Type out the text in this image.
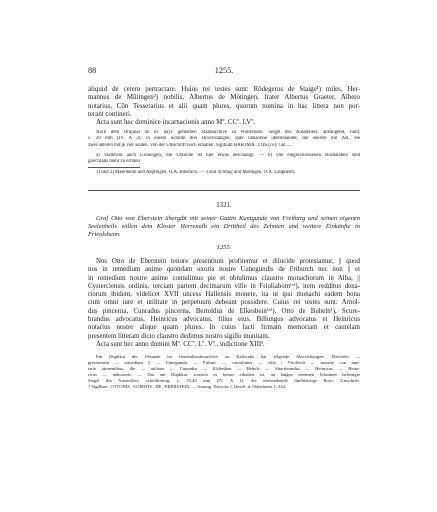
88	1255.
aliquid de cetero pertractare. Huius rei testes sunt: Rôdegerus de Staige¹) miles, Her-
mannus de Mûtingen²) nobilis, Albertus de Mötingen, frater Albertus Graeter, Albero
notarius, Côn Tesserarius et alii quam plures, quorum nomina in hac littera non por-
terant contineri.
Acta sunt hec dominice incarnacionis anno Mº. CCº. LVº.
Nach dem Original im kl. bayr. geheimen Staatsarchive zu Wallerstein. Siegel des Ausstellers, abhängend, rund,
c. 29 mm (IV. A 2): in einem Schilde drei Hirschstangen, quer linksohne übereinander, die oberste mit Ast, die
zwei unteren mit je vier Enden. Von der Umschrift noch erhalten: Sigillum HARTMA...ITIS.(co). GR......
a) Vielleicht auch Gruningen, die Urkunde ist hier etwas beschädigt. — b) Die eingeschlossenen Buchstaben sind
gleichfalls mehr zu erraten.
1) und 2) Maselheim und Aepfingen, O.A. Biberach. — 3 und 4) Staig und Mötingen, O.A. Laupheim.
1321.
Graf Otto von Eberstein übergibt mit seiner Gattin Kunigunde von Freiburg und seinen eigenen
Seelenheils willen dem Kloster Herrenalb ein Drittheil des Zehnten und weitere Einkünfte in
Frieolsheim.
1255.
Nos Otto de Eberstein tenore presentium profitemur et dilucide protestamur, || quod
nos in remedium anime quondam uxoris nostre Cunegundis de Friburch nec non || et
in remedium nostre anime contulimus pie et obtulimus claustro monachorum in Alba, ||
Cysterciensis ordinis, terciam partem decimarum ville in Frioliabom⁽ᵃ⁾), item redditus dena-
riorum ibidem, videlicet XVII uncess Hallensis monete, ita ut ipsi monachi eadem bona
cum omni iure et utilitate in perpetuum debeant possidere. Cuius rei testes sunt: Arnol-
dus pincerna, Cunradus pincerna, Bertoldus de Elkesbein⁽ᵇ⁾), Otto de Buheln¹), Scure-
brandus advocatus, Heinricus advocatus, filius eius, Billungus advocatus et Heinricus
notarius noster alique quam plures. In cuius facti firmam memoriam et cautelam
presentem litteram dicto claustro dedimus nostro sigillo munitam.
Acta sunt hec anno domini Mº. CCº. Lº. Vº., indictione XIIIª.
Ein Duplikat der Urkunde im Generallandesarchive zu Karlsruhe hat folgende Abweichungen: Eberstein —
presencium — remedium || — Cunegundis — Friburc — contulimus — ville | Vriolfsolt — monete con mar-
tario attinentibus, die — utilitate — Cunradus — Elchesken — Beholz — Shurrbrandus — Heinricus — Heinr-
ricus — indictione. — Das am Duplikat, wonach es besser erhalten ist, an langen seidenen Schnüren befestigte
Siegel des Ausstellers, schildförmig, c. 55,40 mm (IV. A 1): die obenstehende fünfblättrige Rose; Umschrift:
† Sigillum . OTTONIS . COMITIS . DE . EBERSTEIN. — Auszug: Zeitschr. f. Gesch. d. Oberrheins 1, 334.
